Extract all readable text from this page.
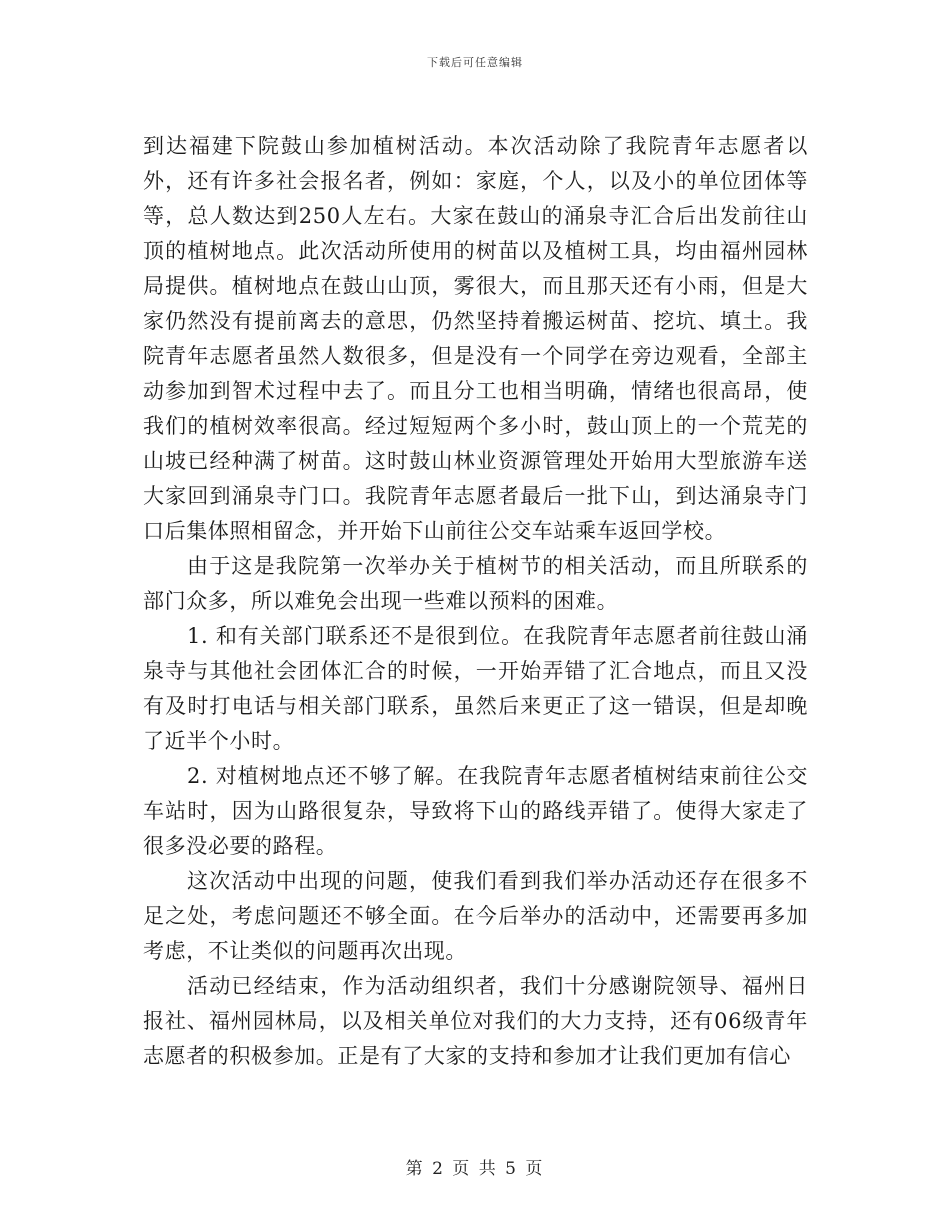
下载后可任意编辑

到达福建下院鼓山参加植树活动。本次活动除了我院青年志愿者以外，还有许多社会报名者，例如：家庭，个人，以及小的单位团体等等，总人数达到250人左右。大家在鼓山的涌泉寺汇合后出发前往山顶的植树地点。此次活动所使用的树苗以及植树工具，均由福州园林局提供。植树地点在鼓山山顶，雾很大，而且那天还有小雨，但是大家仍然没有提前离去的意思，仍然坚持着搬运树苗、挖坑、填土。我院青年志愿者虽然人数很多，但是没有一个同学在旁边观看，全部主动参加到智术过程中去了。而且分工也相当明确，情绪也很高昂，使我们的植树效率很高。经过短短两个多小时，鼓山顶上的一个荒芜的山坡已经种满了树苗。这时鼓山林业资源管理处开始用大型旅游车送大家回到涌泉寺门口。我院青年志愿者最后一批下山，到达涌泉寺门口后集体照相留念，并开始下山前往公交车站乘车返回学校。

由于这是我院第一次举办关于植树节的相关活动，而且所联系的部门众多，所以难免会出现一些难以预料的困难。

1. 和有关部门联系还不是很到位。在我院青年志愿者前往鼓山涌泉寺与其他社会团体汇合的时候，一开始弄错了汇合地点，而且又没有及时打电话与相关部门联系，虽然后来更正了这一错误，但是却晚了近半个小时。

2. 对植树地点还不够了解。在我院青年志愿者植树结束前往公交车站时，因为山路很复杂，导致将下山的路线弄错了。使得大家走了很多没必要的路程。

这次活动中出现的问题，使我们看到我们举办活动还存在很多不足之处，考虑问题还不够全面。在今后举办的活动中，还需要再多加考虑，不让类似的问题再次出现。

活动已经结束，作为活动组织者，我们十分感谢院领导、福州日报社、福州园林局，以及相关单位对我们的大力支持，还有06级青年志愿者的积极参加。正是有了大家的支持和参加才让我们更加有信心

第 2 页 共 5 页
